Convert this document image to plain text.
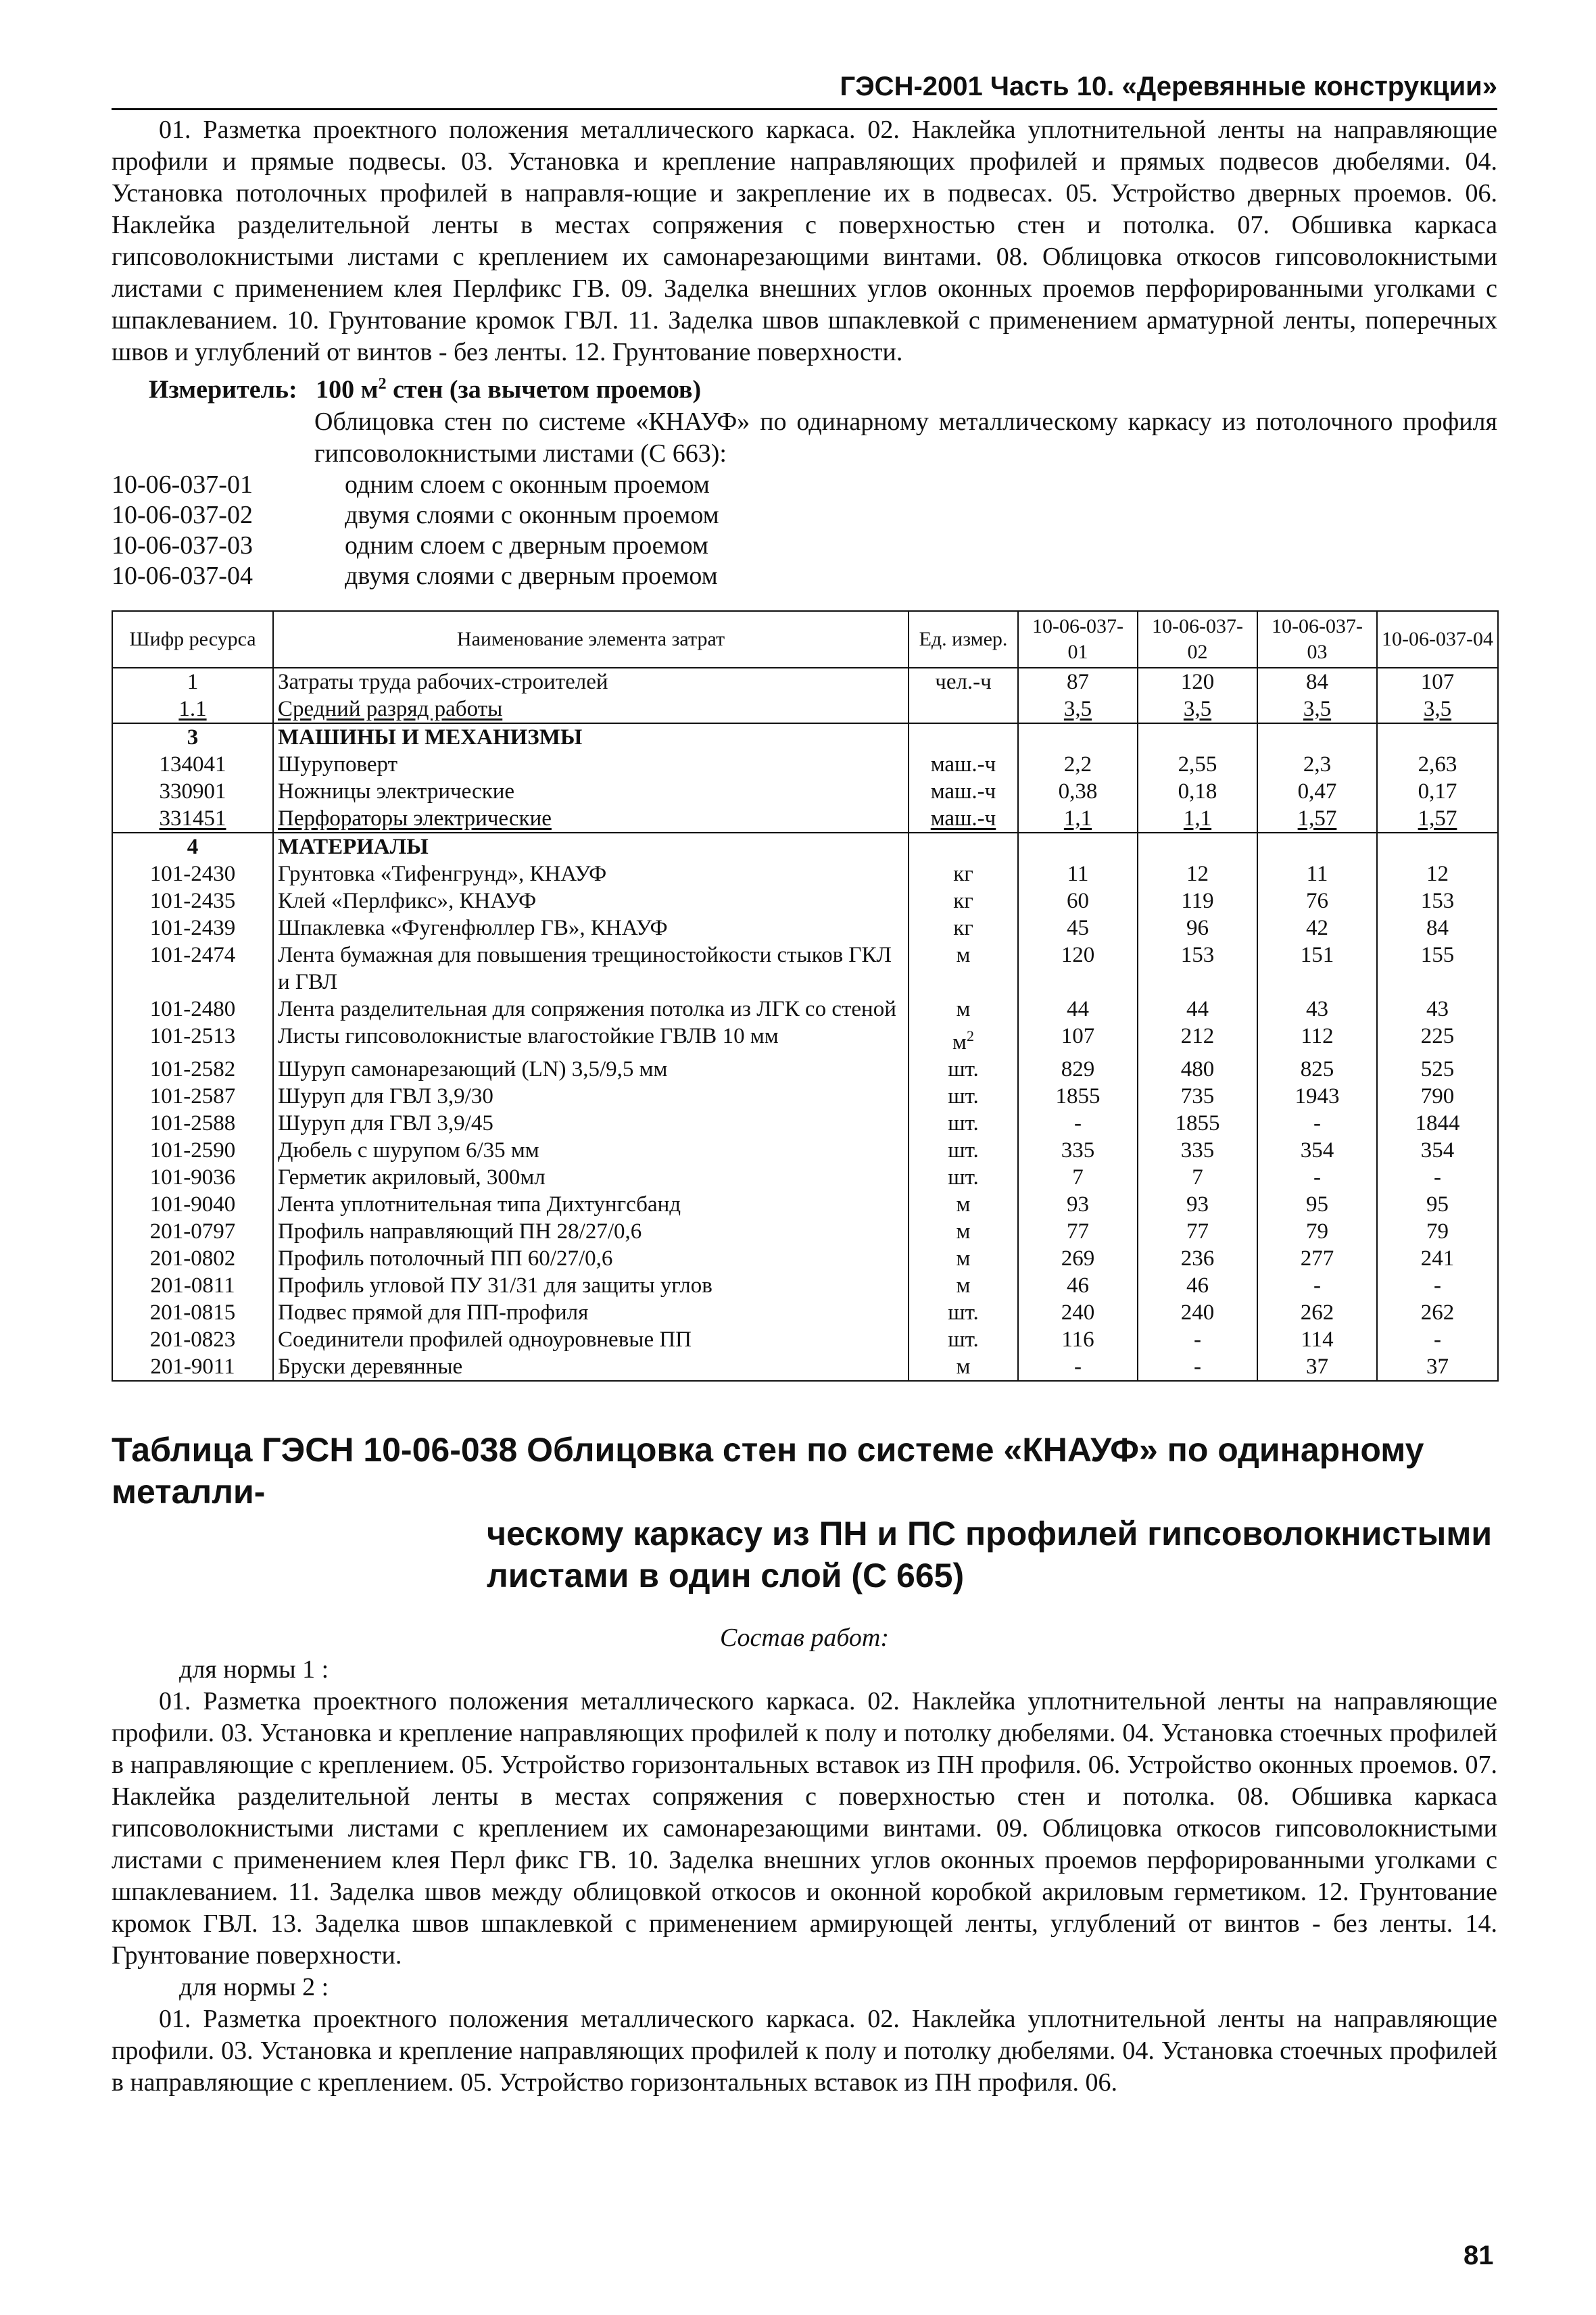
ГЭСН-2001 Часть 10. «Деревянные конструкции»

01. Разметка проектного положения металлического каркаса. 02. Наклейка уплотнительной ленты на направляющие профили и прямые подвесы. 03. Установка и крепление направляющих профилей и прямых подвесов дюбелями. 04. Установка потолочных профилей в направля-ющие и закрепление их в подвесах. 05. Устройство дверных проемов. 06. Наклейка разделительной ленты в местах сопряжения с поверхностью стен и потолка. 07. Обшивка каркаса гипсоволокнистыми листами с креплением их самонарезающими винтами. 08. Облицовка откосов гипсоволокнистыми листами с применением клея Перлфикс ГВ. 09. Заделка внешних углов оконных проемов перфорированными уголками с шпаклеванием. 10. Грунтование кромок ГВЛ. 11. Заделка швов шпаклевкой с применением арматурной ленты, поперечных швов и углублений от винтов - без ленты. 12. Грунтование поверхности.

Измеритель: 100 $м^2$ стен (за вычетом проемов)
Облицовка стен по системе «КНАУФ» по одинарному металлическому каркасу из потолочного профиля гипсоволокнистыми листами (С 663):
10-06-037-01	одним слоем с оконным проемом
10-06-037-02	двумя слоями с оконным проемом
10-06-037-03	одним слоем с дверным проемом
10-06-037-04	двумя слоями с дверным проемом
Шифр ресурса	Наименование элемента затрат	Ед. измер.	10-06-037-01	10-06-037-02	10-06-037-03	10-06-037-04
1	Затраты труда рабочих-строителей	чел.-ч	87	120	84	107
1.1	Средний разряд работы		3,5	3,5	3,5	3,5
3	МАШИНЫ И МЕХАНИЗМЫ					
134041	Шуруповерт	маш.-ч	2,2	2,55	2,3	2,63
330901	Ножницы электрические	маш.-ч	0,38	0,18	0,47	0,17
331451	Перфораторы электрические	маш.-ч	1,1	1,1	1,57	1,57
4	МАТЕРИАЛЫ					
101-2430	Грунтовка «Тифенгрунд», КНАУФ	кг	11	12	11	12
101-2435	Клей «Перлфикс», КНАУФ	кг	60	119	76	153
101-2439	Шпаклевка «Фугенфюллер ГВ», КНАУФ	кг	45	96	42	84
101-2474	Лента бумажная для повышения трещиностойкости стыков ГКЛ и ГВЛ	м	120	153	151	155
101-2480	Лента разделительная для сопряжения потолка из ЛГК со стеной	м	44	44	43	43
101-2513	Листы гипсоволокнистые влагостойкие ГВЛВ 10 мм	$м^2$	107	212	112	225
101-2582	Шуруп самонарезающий (LN) 3,5/9,5 мм	шт.	829	480	825	525
101-2587	Шуруп для ГВЛ 3,9/30	шт.	1855	735	1943	790
101-2588	Шуруп для ГВЛ 3,9/45	шт.	-	1855	-	1844
101-2590	Дюбель с шурупом 6/35 мм	шт.	335	335	354	354
101-9036	Герметик акриловый, 300мл	шт.	7	7	-	-
101-9040	Лента уплотнительная типа Дихтунгсбанд	м	93	93	95	95
201-0797	Профиль направляющий ПН 28/27/0,6	м	77	77	79	79
201-0802	Профиль потолочный ПП 60/27/0,6	м	269	236	277	241
201-0811	Профиль угловой ПУ 31/31 для защиты углов	м	46	46	-	-
201-0815	Подвес прямой для ПП-профиля	шт.	240	240	262	262
201-0823	Соединители профилей одноуровневые ПП	шт.	116	-	114	-
201-9011	Бруски деревянные	м	-	-	37	37
Таблица ГЭСН 10-06-038 Облицовка стен по системе «КНАУФ» по одинарному металли-
ческому каркасу из ПН и ПС профилей гипсоволокнистыми
листами в один слой (С 665)
Состав работ:
для нормы 1 :

01. Разметка проектного положения металлического каркаса. 02. Наклейка уплотнительной ленты на направляющие профили. 03. Установка и крепление направляющих профилей к полу и потолку дюбелями. 04. Установка стоечных профилей в направляющие с креплением. 05. Устройство горизонтальных вставок из ПН профиля. 06. Устройство оконных проемов. 07. Наклейка разделительной ленты в местах сопряжения с поверхностью стен и потолка. 08. Обшивка каркаса гипсоволокнистыми листами с креплением их самонарезающими винтами. 09. Облицовка откосов гипсоволокнистыми листами с применением клея Перл фикс ГВ. 10. Заделка внешних углов оконных проемов перфорированными уголками с шпаклеванием. 11. Заделка швов между облицовкой откосов и оконной коробкой акриловым герметиком. 12. Грунтование кромок ГВЛ. 13. Заделка швов шпаклевкой с применением армирующей ленты, углублений от винтов - без ленты. 14. Грунтование поверхности.

для нормы 2 :

01. Разметка проектного положения металлического каркаса. 02. Наклейка уплотнительной ленты на направляющие профили. 03. Установка и крепление направляющих профилей к полу и потолку дюбелями. 04. Установка стоечных профилей в направляющие с креплением. 05. Устройство горизонтальных вставок из ПН профиля. 06.

81
